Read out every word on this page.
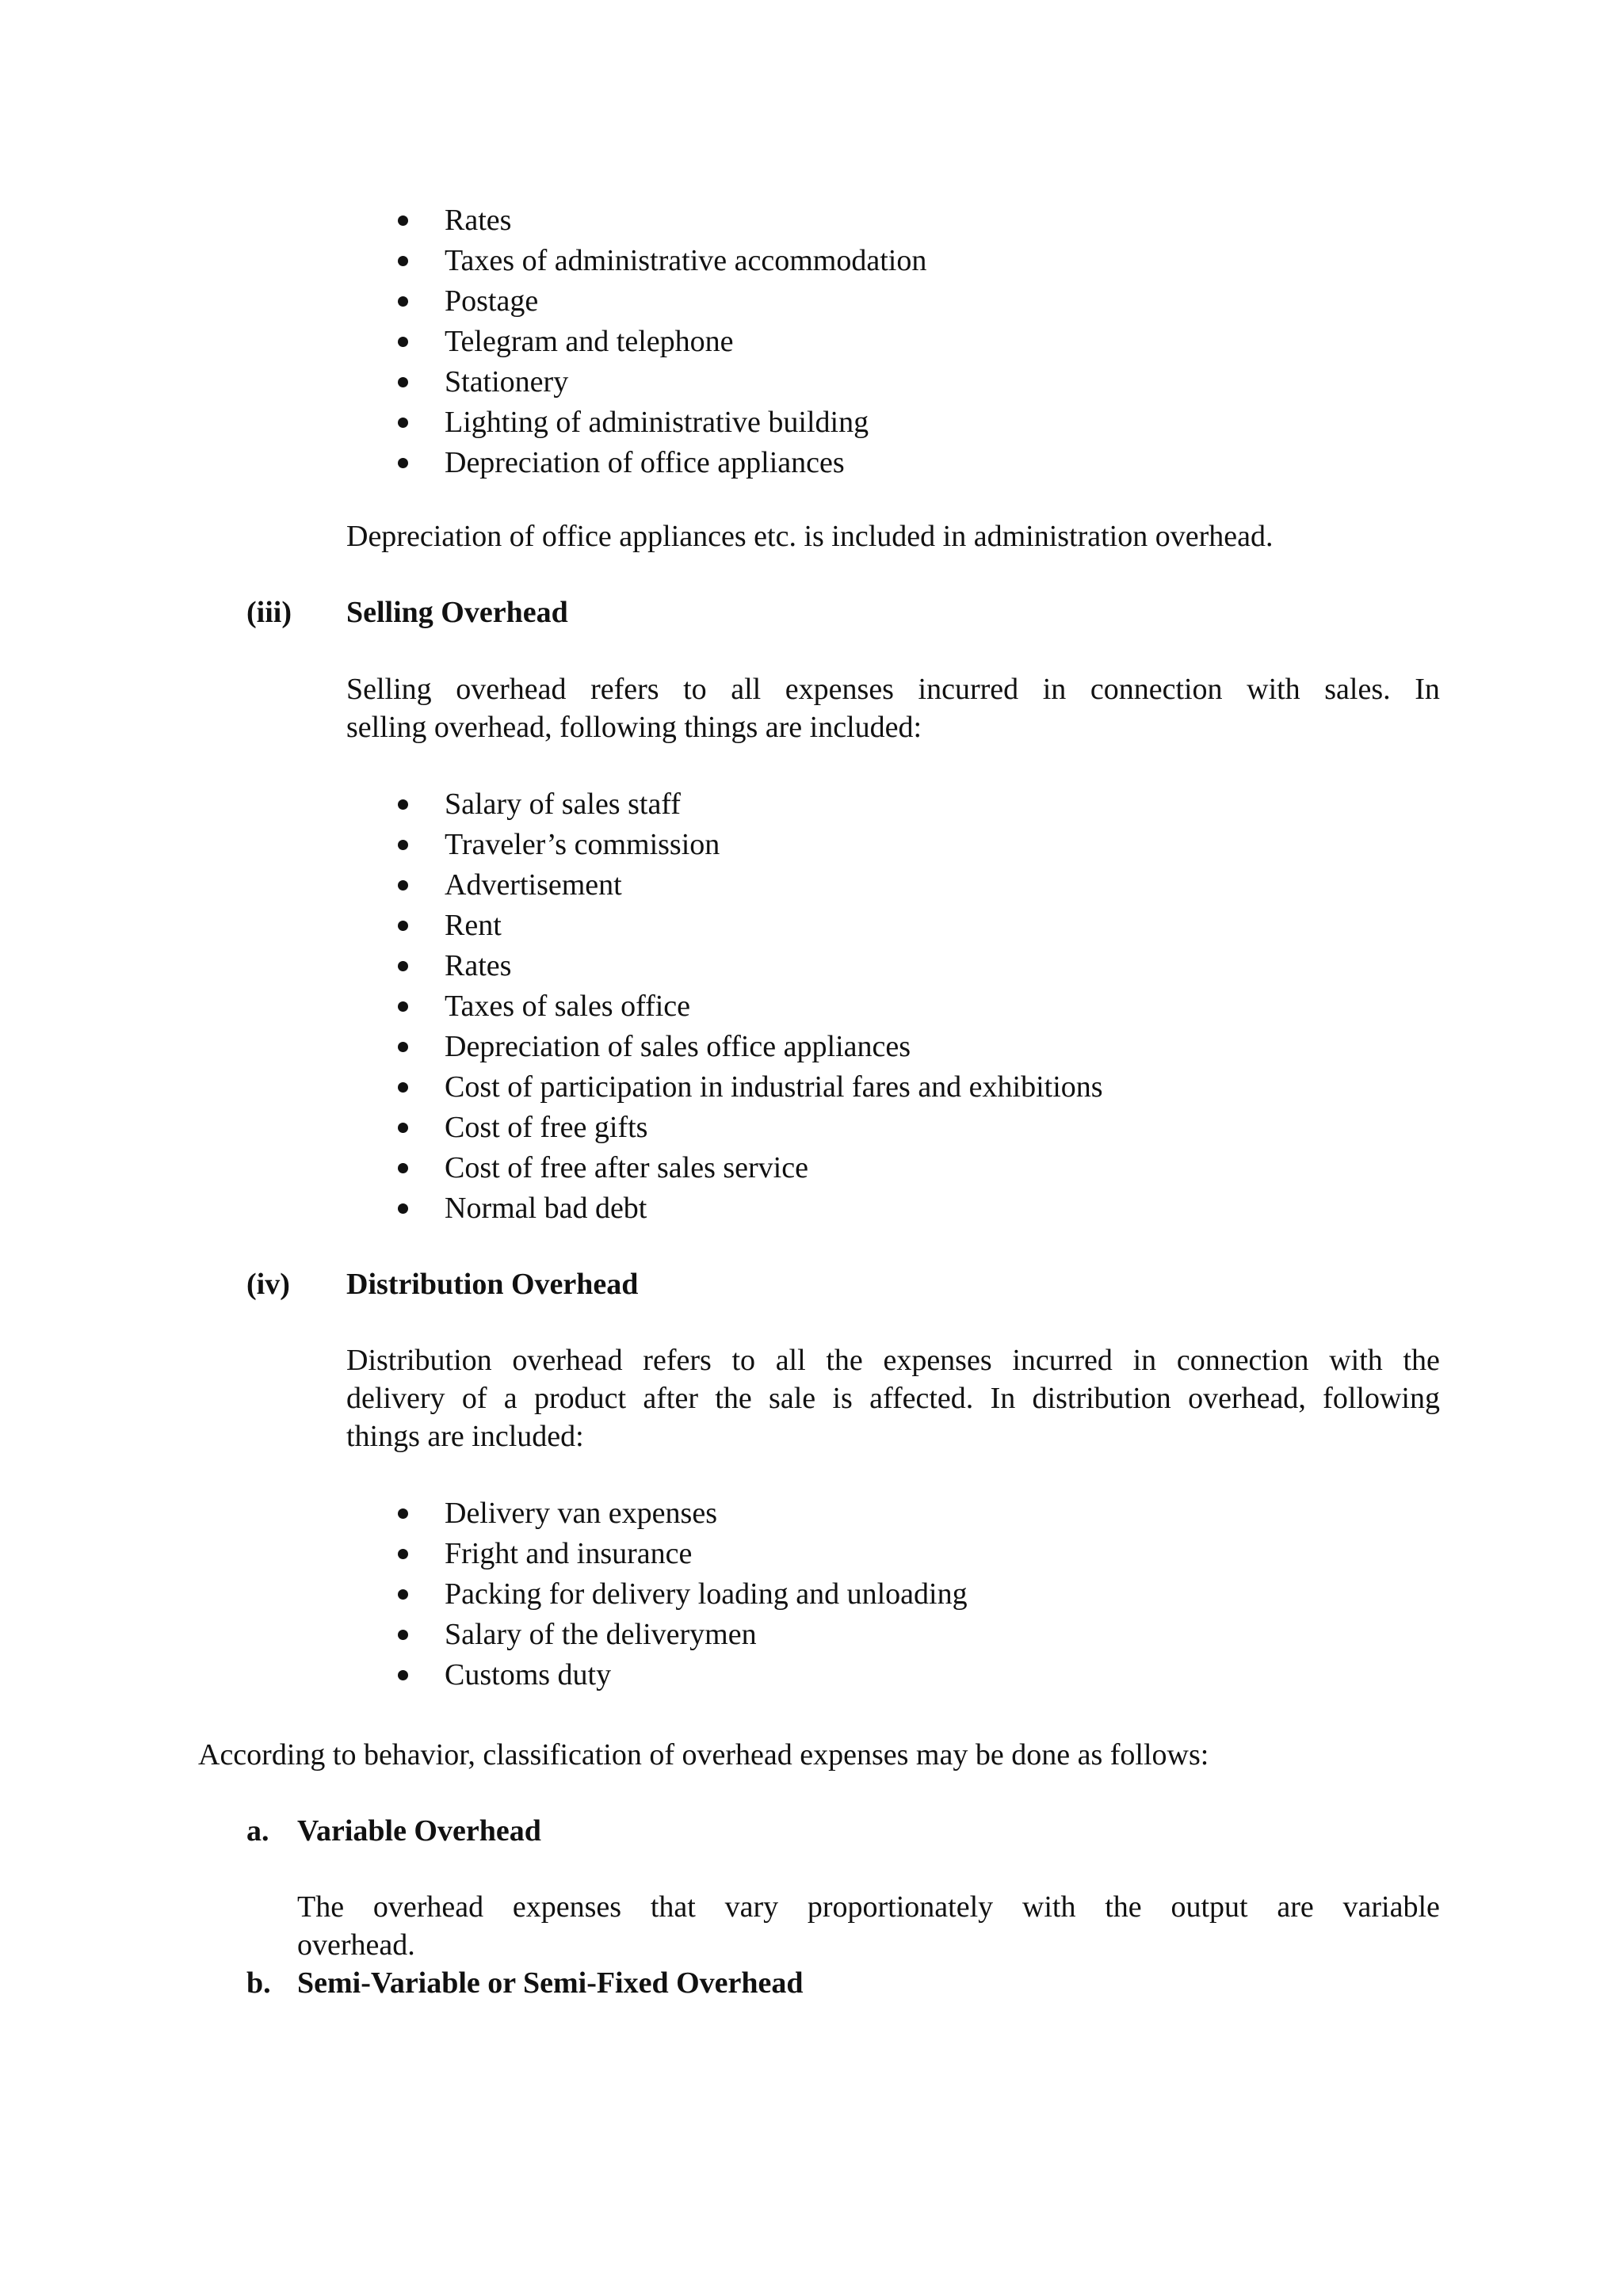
Rates
Taxes of administrative accommodation
Postage
Telegram and telephone
Stationery
Lighting of administrative building
Depreciation of office appliances
Depreciation of office appliances etc. is included in administration overhead.
(iii) Selling Overhead
Selling overhead refers to all expenses incurred in connection with sales. In
selling overhead, following things are included:
Salary of sales staff
Traveler’s commission
Advertisement
Rent
Rates
Taxes of sales office
Depreciation of sales office appliances
Cost of participation in industrial fares and exhibitions
Cost of free gifts
Cost of free after sales service
Normal bad debt
(iv) Distribution Overhead
Distribution overhead refers to all the expenses incurred in connection with the
delivery of a product after the sale is affected. In distribution overhead, following
things are included:
Delivery van expenses
Fright and insurance
Packing for delivery loading and unloading
Salary of the deliverymen
Customs duty
According to behavior, classification of overhead expenses may be done as follows:
a. Variable Overhead
The overhead expenses that vary proportionately with the output are variable
overhead.
b. Semi-Variable or Semi-Fixed Overhead
